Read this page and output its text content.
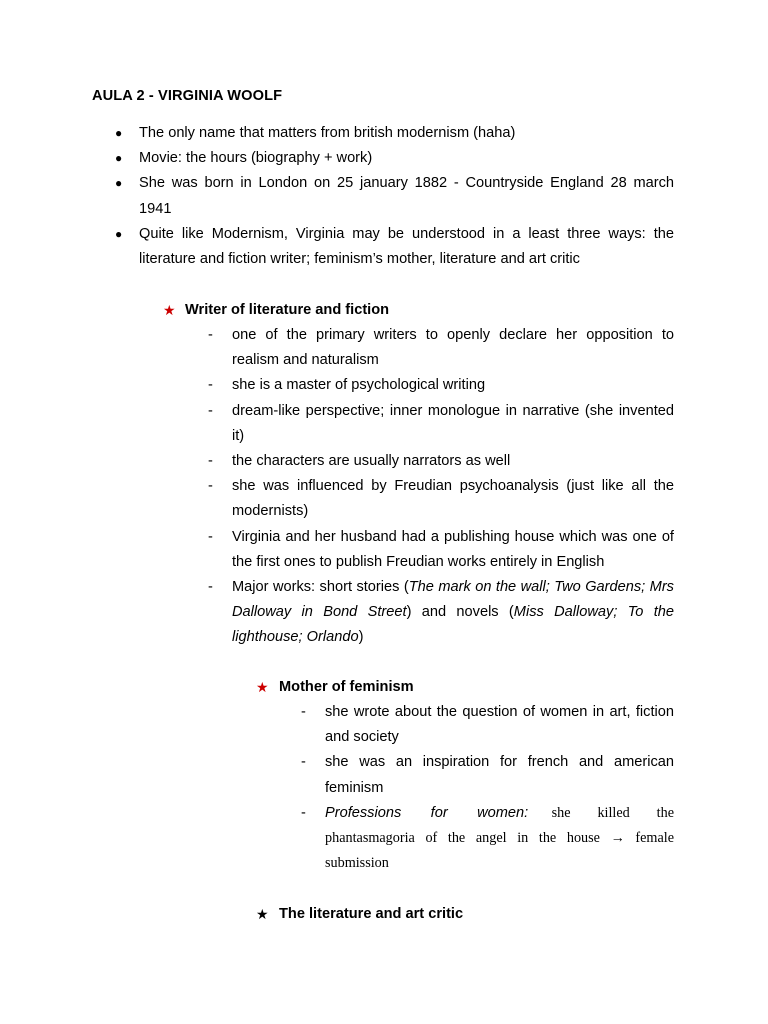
AULA 2 - VIRGINIA WOOLF
● The only name that matters from british modernism (haha)
● Movie: the hours (biography + work)
● She was born in London on 25 january 1882 - Countryside England 28 march 1941
● Quite like Modernism, Virginia may be understood in a least three ways: the literature and fiction writer; feminism’s mother, literature and art critic
★ Writer of literature and fiction
- one of the primary writers to openly declare her opposition to realism and naturalism
- she is a master of psychological writing
- dream-like perspective; inner monologue in narrative (she invented it)
- the characters are usually narrators as well
- she was influenced by Freudian psychoanalysis (just like all the modernists)
- Virginia and her husband had a publishing house which was one of the first ones to publish Freudian works entirely in English
- Major works: short stories (The mark on the wall; Two Gardens; Mrs Dalloway in Bond Street) and novels (Miss Dalloway; To the lighthouse; Orlando)
★ Mother of feminism
- she wrote about the question of women in art, fiction and society
- she was an inspiration for french and american feminism
- Professions for women: she killed the phantasmagoria of the angel in the house → female submission
★ The literature and art critic
